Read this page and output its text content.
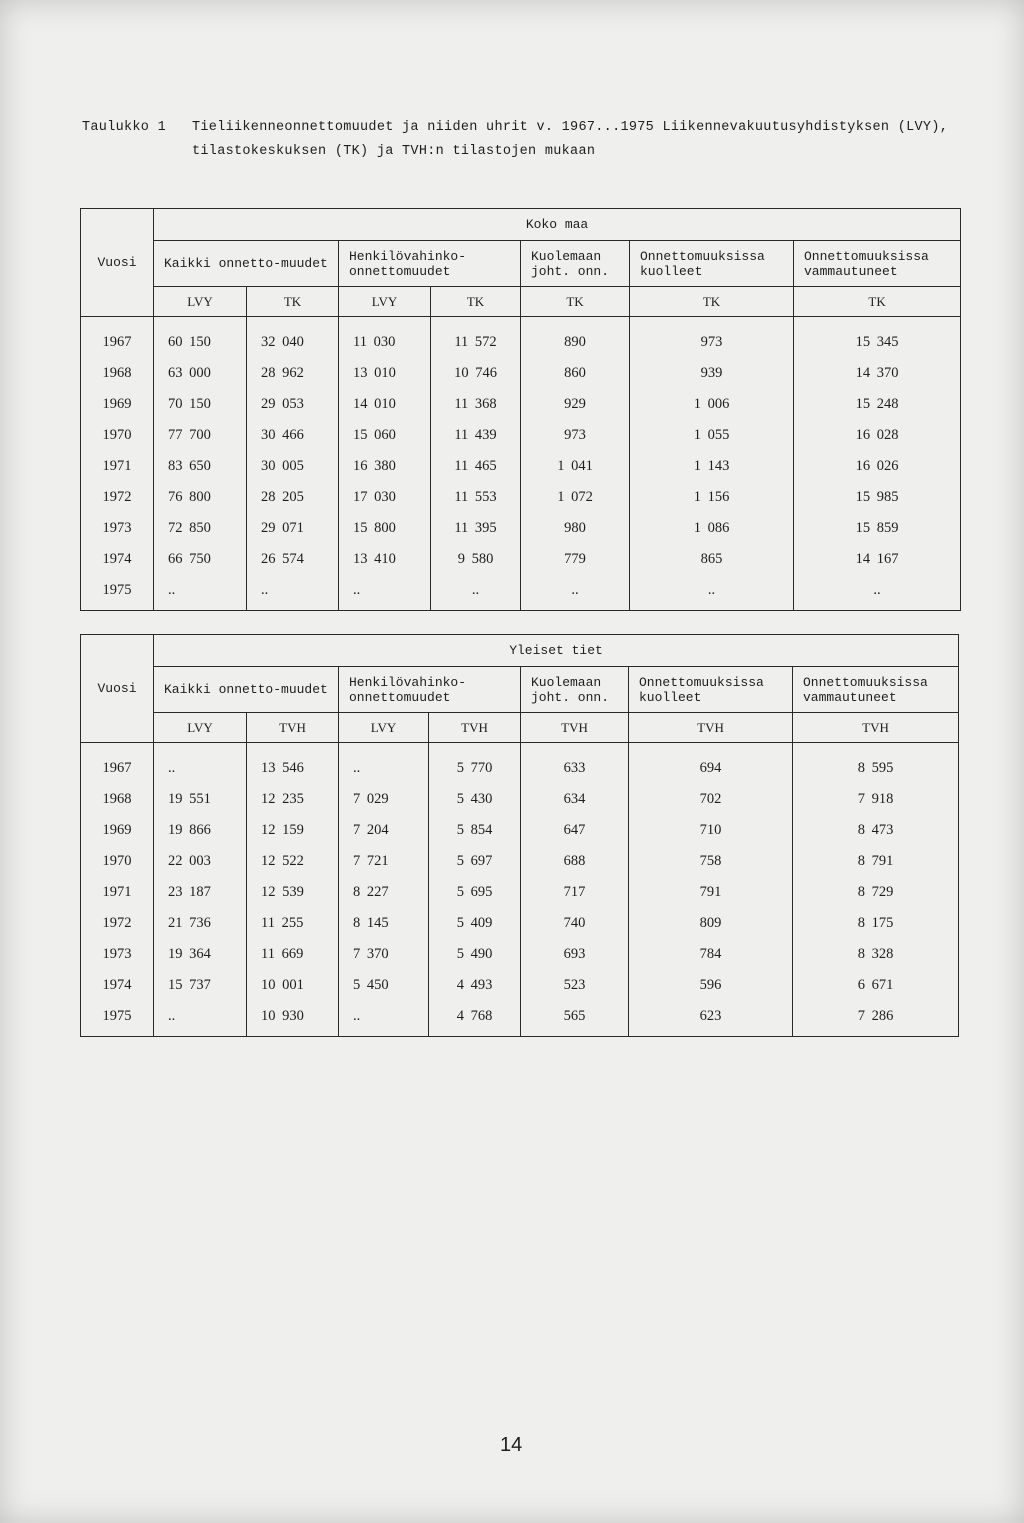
Taulukko 1 Tieliikenneonnettomuudet ja niiden uhrit v. 1967...1975 Liikennevakuutusyhdistyksen (LVY), tilastokeskuksen (TK) ja TVH:n tilastojen mukaan
Vuosi	Koko maa						
	Kaikki onnetto-muudet		Henkilövahinko-onnettomuudet		Kuolemaan joht. onn.	Onnettomuuksissa kuolleet	Onnettomuuksissa vammautuneet
	LVY	TK	LVY	TK	TK	TK	TK
1967	60 150	32 040	11 030	11 572	890	973	15 345
1968	63 000	28 962	13 010	10 746	860	939	14 370
1969	70 150	29 053	14 010	11 368	929	1 006	15 248
1970	77 700	30 466	15 060	11 439	973	1 055	16 028
1971	83 650	30 005	16 380	11 465	1 041	1 143	16 026
1972	76 800	28 205	17 030	11 553	1 072	1 156	15 985
1973	72 850	29 071	15 800	11 395	980	1 086	15 859
1974	66 750	26 574	13 410	9 580	779	865	14 167
1975	..	..	..	..	..	..	..
Vuosi	Yleiset tiet						
	Kaikki onnetto-muudet		Henkilövahinko-onnettomuudet		Kuolemaan joht. onn.	Onnettomuuksissa kuolleet	Onnettomuuksissa vammautuneet
	LVY	TVH	LVY	TVH	TVH	TVH	TVH
1967	..	13 546	..	5 770	633	694	8 595
1968	19 551	12 235	7 029	5 430	634	702	7 918
1969	19 866	12 159	7 204	5 854	647	710	8 473
1970	22 003	12 522	7 721	5 697	688	758	8 791
1971	23 187	12 539	8 227	5 695	717	791	8 729
1972	21 736	11 255	8 145	5 409	740	809	8 175
1973	19 364	11 669	7 370	5 490	693	784	8 328
1974	15 737	10 001	5 450	4 493	523	596	6 671
1975	..	10 930	..	4 768	565	623	7 286
14
